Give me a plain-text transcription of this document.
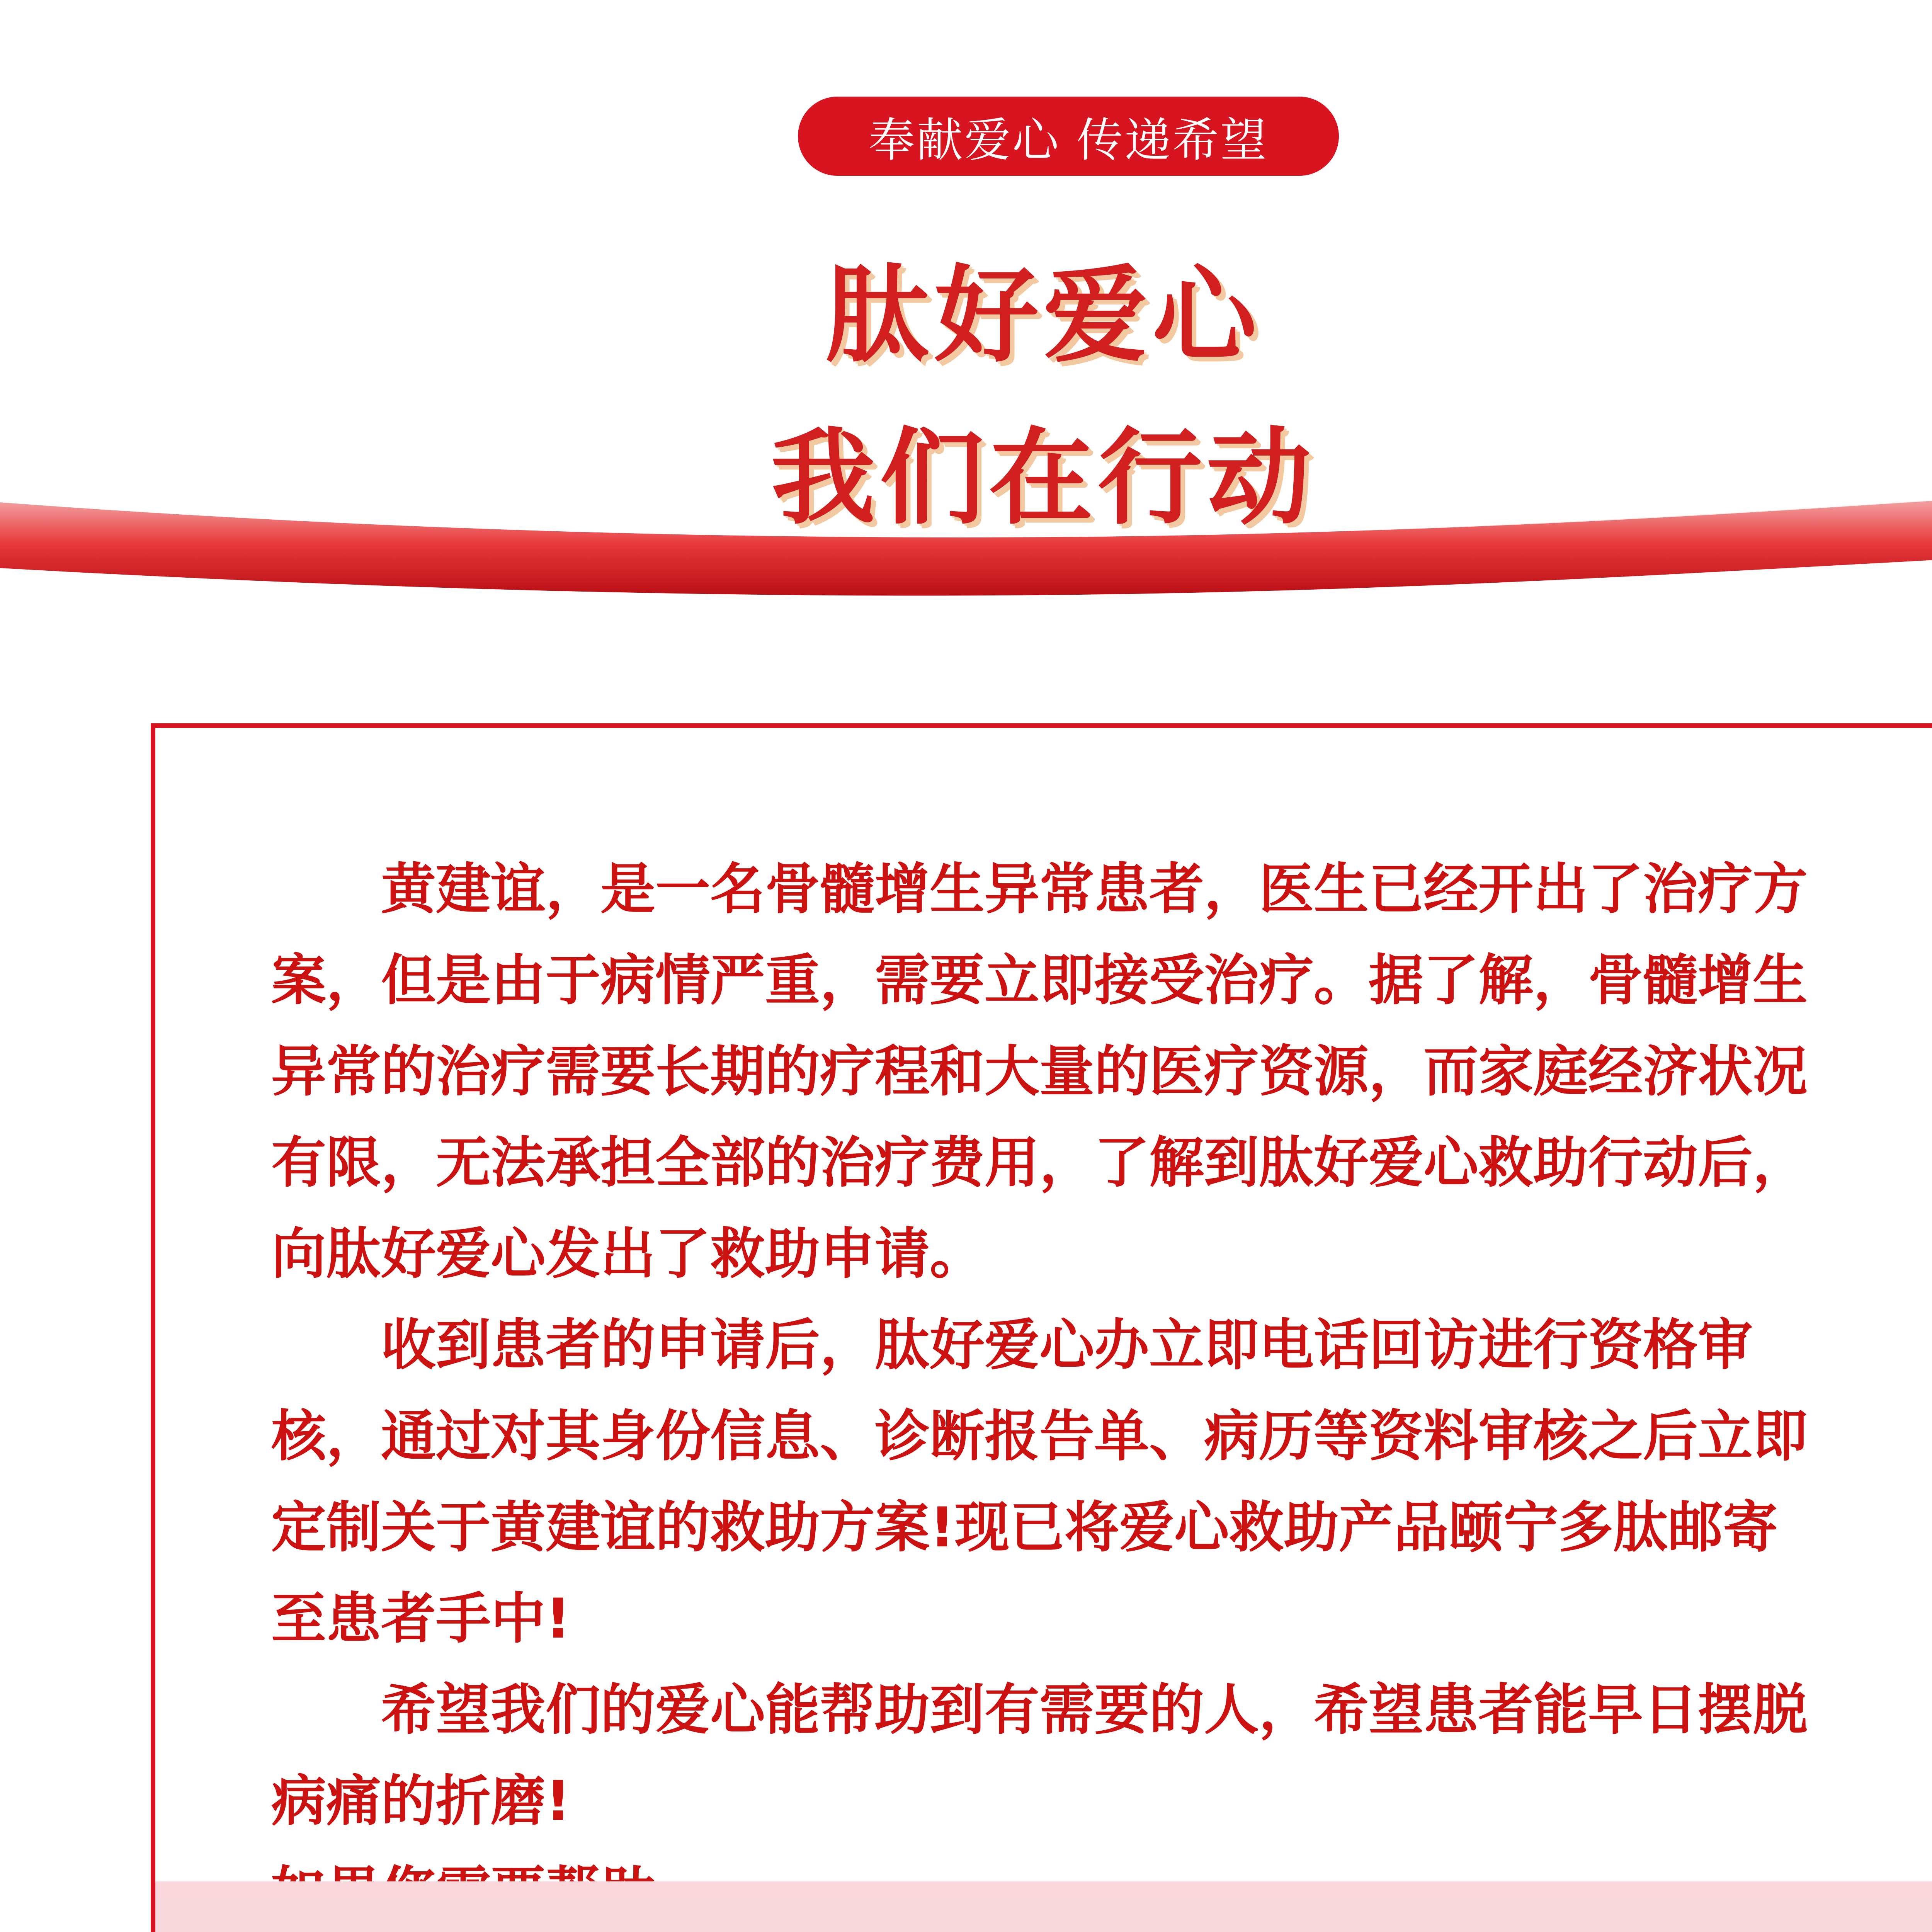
奉献爱心 传递希望
肽好爱心
我们在行动

黄建谊，是一名骨髓增生异常患者，医生已经开出了治疗方案，但是由于病情严重，需要立即接受治疗。据了解，骨髓增生异常的治疗需要长期的疗程和大量的医疗资源，而家庭经济状况有限，无法承担全部的治疗费用，了解到肽好爱心救助行动后，向肽好爱心发出了救助申请。

收到患者的申请后，肽好爱心办立即电话回访进行资格审核，通过对其身份信息、诊断报告单、病历等资料审核之后立即定制关于黄建谊的救助方案!现已将爱心救助产品颐宁多肽邮寄至患者手中!

希望我们的爱心能帮助到有需要的人，希望患者能早日摆脱病痛的折磨!
